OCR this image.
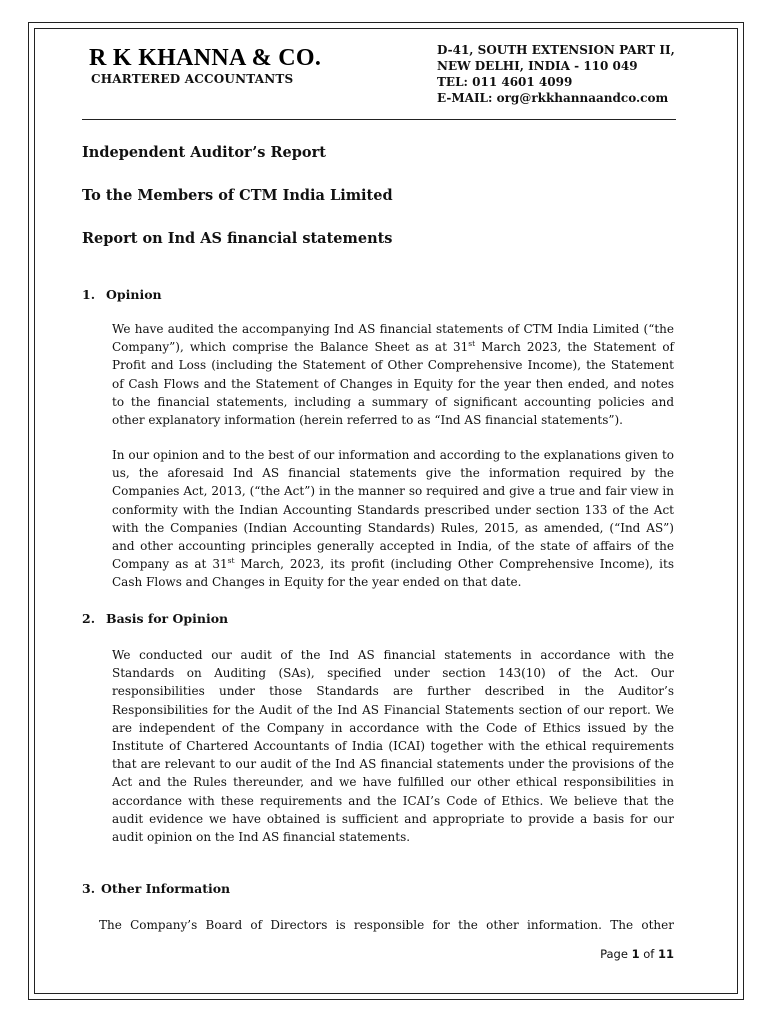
R K KHANNA & CO.
CHARTERED ACCOUNTANTS
D-41, SOUTH EXTENSION PART II,
NEW DELHI, INDIA - 110 049
TEL: 011 4601 4099
E-MAIL: org@rkkhannaandco.com
Independent Auditor’s Report
To the Members of CTM India Limited
Report on Ind AS financial statements
1. Opinion

We have audited the accompanying Ind AS financial statements of CTM India Limited (“the Company”), which comprise the Balance Sheet as at 31st March 2023, the Statement of Profit and Loss (including the Statement of Other Comprehensive Income), the Statement of Cash Flows and the Statement of Changes in Equity for the year then ended, and notes to the financial statements, including a summary of significant accounting policies and other explanatory information (herein referred to as “Ind AS financial statements”).

In our opinion and to the best of our information and according to the explanations given to us, the aforesaid Ind AS financial statements give the information required by the Companies Act, 2013, (“the Act”) in the manner so required and give a true and fair view in conformity with the Indian Accounting Standards prescribed under section 133 of the Act with the Companies (Indian Accounting Standards) Rules, 2015, as amended, (“Ind AS”) and other accounting principles generally accepted in India, of the state of affairs of the Company as at 31st March, 2023, its profit (including Other Comprehensive Income), its Cash Flows and Changes in Equity for the year ended on that date.

2. Basis for Opinion

We conducted our audit of the Ind AS financial statements in accordance with the Standards on Auditing (SAs), specified under section 143(10) of the Act. Our responsibilities under those Standards are further described in the Auditor’s Responsibilities for the Audit of the Ind AS Financial Statements section of our report. We are independent of the Company in accordance with the Code of Ethics issued by the Institute of Chartered Accountants of India (ICAI) together with the ethical requirements that are relevant to our audit of the Ind AS financial statements under the provisions of the Act and the Rules thereunder, and we have fulfilled our other ethical responsibilities in accordance with these requirements and the ICAI’s Code of Ethics. We believe that the audit evidence we have obtained is sufficient and appropriate to provide a basis for our audit opinion on the Ind AS financial statements.

3. Other Information

The Company’s Board of Directors is responsible for the other information. The other

Page 1 of 11
